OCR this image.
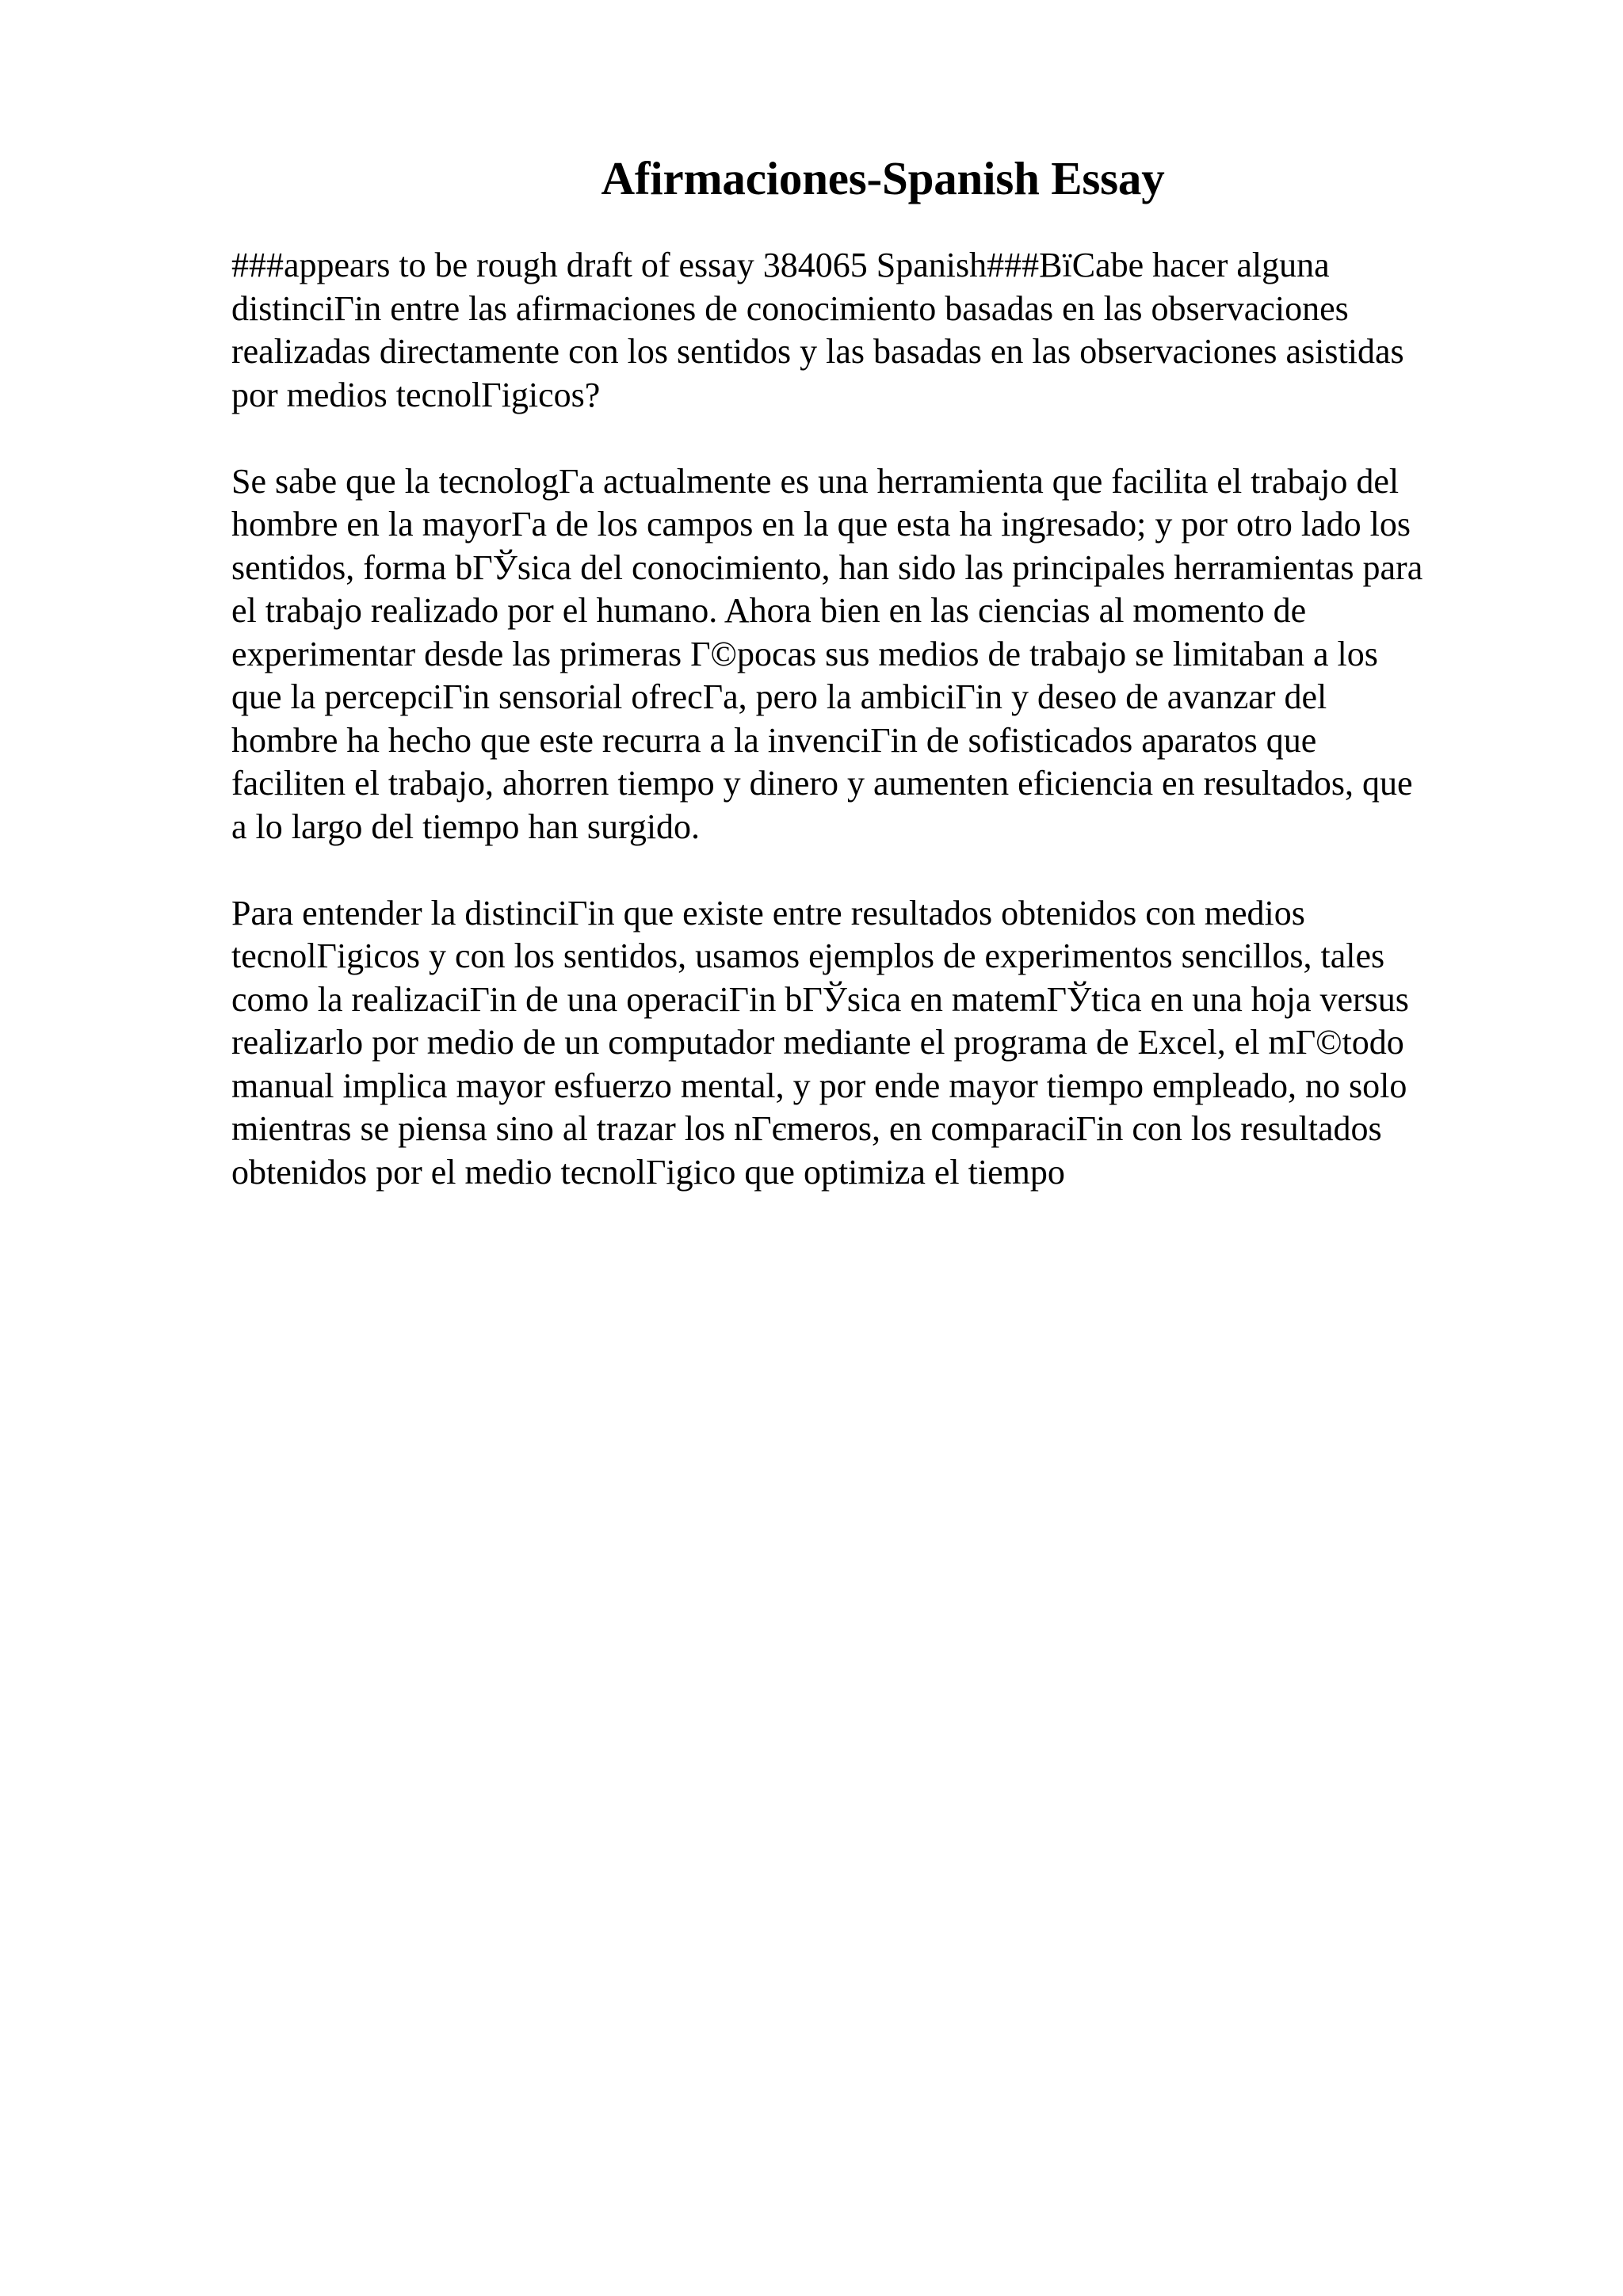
Afirmaciones-Spanish Essay

###appears to be rough draft of essay 384065 Spanish###BїCabe hacer alguna
distinciГin entre las afirmaciones de conocimiento basadas en las observaciones
realizadas directamente con los sentidos y las basadas en las observaciones asistidas
por medios tecnolГigicos?

Se sabe que la tecnologГa actualmente es una herramienta que facilita el trabajo del
hombre en la mayorГa de los campos en la que esta ha ingresado; y por otro lado los
sentidos, forma bГЎsica del conocimiento, han sido las principales herramientas para
el trabajo realizado por el humano. Ahora bien en las ciencias al momento de
experimentar desde las primeras Г©pocas sus medios de trabajo se limitaban a los
que la percepciГin sensorial ofrecГa, pero la ambiciГin y deseo de avanzar del
hombre ha hecho que este recurra a la invenciГin de sofisticados aparatos que
faciliten el trabajo, ahorren tiempo y dinero y aumenten eficiencia en resultados, que
a lo largo del tiempo han surgido.

Para entender la distinciГin que existe entre resultados obtenidos con medios
tecnolГigicos y con los sentidos, usamos ejemplos de experimentos sencillos, tales
como la realizaciГin de una operaciГin bГЎsica en matemГЎtica en una hoja versus
realizarlo por medio de un computador mediante el programa de Excel, el mГ©todo
manual implica mayor esfuerzo mental, y por ende mayor tiempo empleado, no solo
mientras se piensa sino al trazar los nГєmeros, en comparaciГin con los resultados
obtenidos por el medio tecnolГigico que optimiza el tiempo
